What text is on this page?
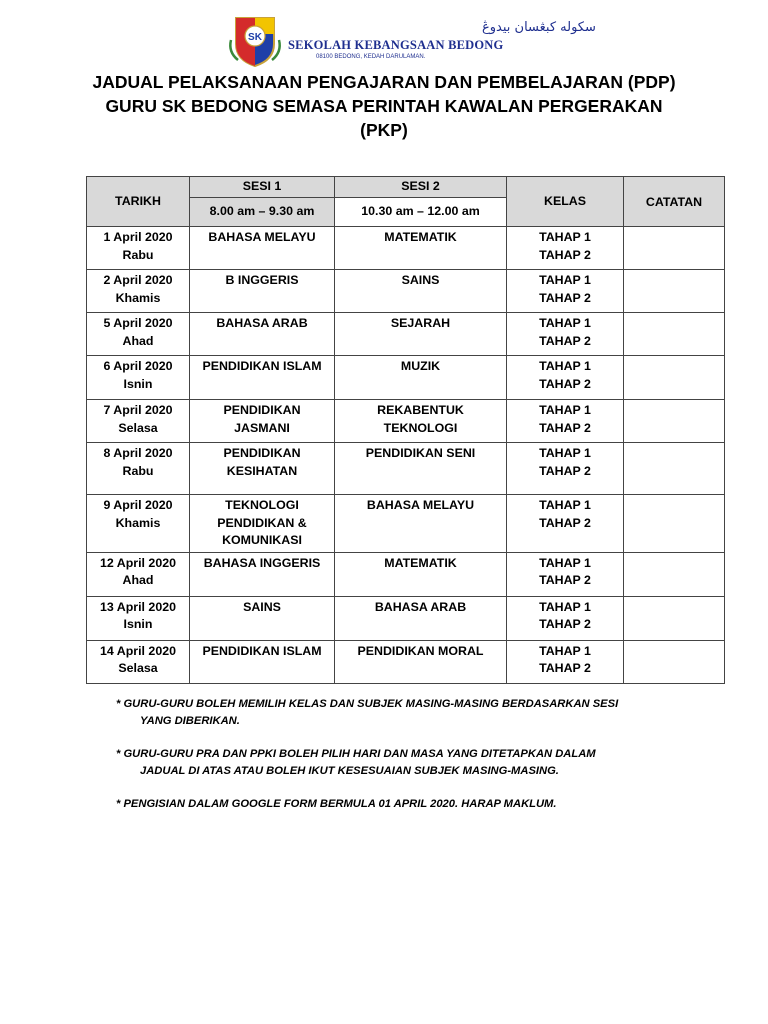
SK
سکوله کبڠسان بيدوڠ
SEKOLAH KEBANGSAAN BEDONG
08100 BEDONG, KEDAH DARULAMAN.
JADUAL PELAKSANAAN PENGAJARAN DAN PEMBELAJARAN (PDP)
GURU SK BEDONG SEMASA PERINTAH KAWALAN PERGERAKAN
(PKP)
TARIKH	SESI 1	SESI 2	KELAS	CATATAN
	8.00 am – 9.30 am	10.30 am – 12.00 am		

1 April 2020
Rabu	BAHASA MELAYU	MATEMATIK	TAHAP 1
TAHAP 2	

2 April 2020
Khamis	B INGGERIS	SAINS	TAHAP 1
TAHAP 2	

5 April 2020
Ahad	BAHASA ARAB	SEJARAH	TAHAP 1
TAHAP 2	

6 April 2020
Isnin	PENDIDIKAN ISLAM	MUZIK	TAHAP 1
TAHAP 2	

7 April 2020
Selasa	PENDIDIKAN JASMANI	REKABENTUK TEKNOLOGI	TAHAP 1
TAHAP 2	

8 April 2020
Rabu	PENDIDIKAN KESIHATAN	PENDIDIKAN SENI	TAHAP 1
TAHAP 2	

9 April 2020
Khamis	TEKNOLOGI PENDIDIKAN & KOMUNIKASI	BAHASA MELAYU	TAHAP 1
TAHAP 2	

12 April 2020
Ahad	BAHASA INGGERIS	MATEMATIK	TAHAP 1
TAHAP 2	

13 April 2020
Isnin	SAINS	BAHASA ARAB	TAHAP 1
TAHAP 2	

14 April 2020
Selasa	PENDIDIKAN ISLAM	PENDIDIKAN MORAL	TAHAP 1
TAHAP 2	

* GURU-GURU BOLEH MEMILIH KELAS DAN SUBJEK MASING-MASING BERDASARKAN SESI
YANG DIBERIKAN.
* GURU-GURU PRA DAN PPKI BOLEH PILIH HARI DAN MASA YANG DITETAPKAN DALAM
JADUAL DI ATAS ATAU BOLEH IKUT KESESUAIAN SUBJEK MASING-MASING.
* PENGISIAN DALAM GOOGLE FORM BERMULA 01 APRIL 2020. HARAP MAKLUM.
